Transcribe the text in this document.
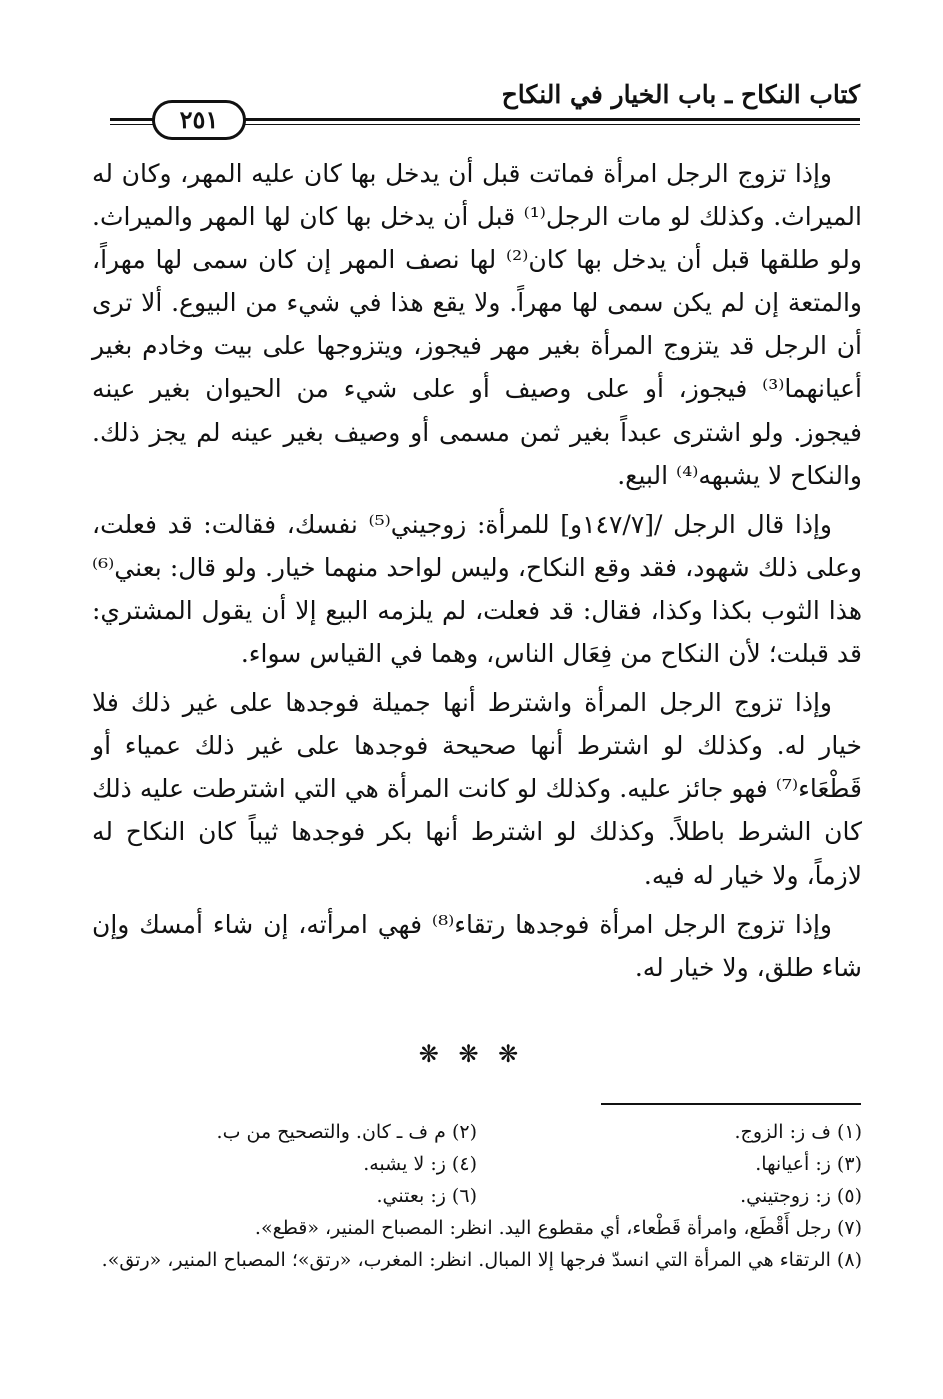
كتاب النكاح ـ باب الخيار في النكاح
٢٥١

وإذا تزوج الرجل امرأة فماتت قبل أن يدخل بها كان عليه المهر، وكان له الميراث. وكذلك لو مات الرجل⁽¹⁾ قبل أن يدخل بها كان لها المهر والميراث. ولو طلقها قبل أن يدخل بها كان⁽²⁾ لها نصف المهر إن كان سمى لها مهراً، والمتعة إن لم يكن سمى لها مهراً. ولا يقع هذا في شيء من البيوع. ألا ترى أن الرجل قد يتزوج المرأة بغير مهر فيجوز، ويتزوجها على بيت وخادم بغير أعيانهما⁽³⁾ فيجوز، أو على وصيف أو على شيء من الحيوان بغير عينه فيجوز. ولو اشترى عبداً بغير ثمن مسمى أو وصيف بغير عينه لم يجز ذلك. والنكاح لا يشبهه⁽⁴⁾ البيع.

وإذا قال الرجل /[١٤٧/٧و] للمرأة: زوجيني⁽⁵⁾ نفسك، فقالت: قد فعلت، وعلى ذلك شهود، فقد وقع النكاح، وليس لواحد منهما خيار. ولو قال: بعني⁽⁶⁾ هذا الثوب بكذا وكذا، فقال: قد فعلت، لم يلزمه البيع إلا أن يقول المشتري: قد قبلت؛ لأن النكاح من فِعَال الناس، وهما في القياس سواء.

وإذا تزوج الرجل المرأة واشترط أنها جميلة فوجدها على غير ذلك فلا خيار له. وكذلك لو اشترط أنها صحيحة فوجدها على غير ذلك عمياء أو قَطْعَاء⁽⁷⁾ فهو جائز عليه. وكذلك لو كانت المرأة هي التي اشترطت عليه ذلك كان الشرط باطلاً. وكذلك لو اشترط أنها بكر فوجدها ثيباً كان النكاح له لازماً، ولا خيار له فيه.

وإذا تزوج الرجل امرأة فوجدها رتقاء⁽⁸⁾ فهي امرأته، إن شاء أمسك وإن شاء طلق، ولا خيار له.

❋ ❋ ❋
(١) ف ز: الزوج.
(٢) م ف ـ كان. والتصحيح من ب.
(٣) ز: أعيانها.
(٤) ز: لا يشبه.
(٥) ز: زوجتيني.
(٦) ز: بعتني.
(٧) رجل أَقْطَع، وامرأة قَطْعاء، أي مقطوع اليد. انظر: المصباح المنير، «قطع».
(٨) الرتقاء هي المرأة التي انسدّ فرجها إلا المبال. انظر: المغرب، «رتق»؛ المصباح المنير، «رتق».
